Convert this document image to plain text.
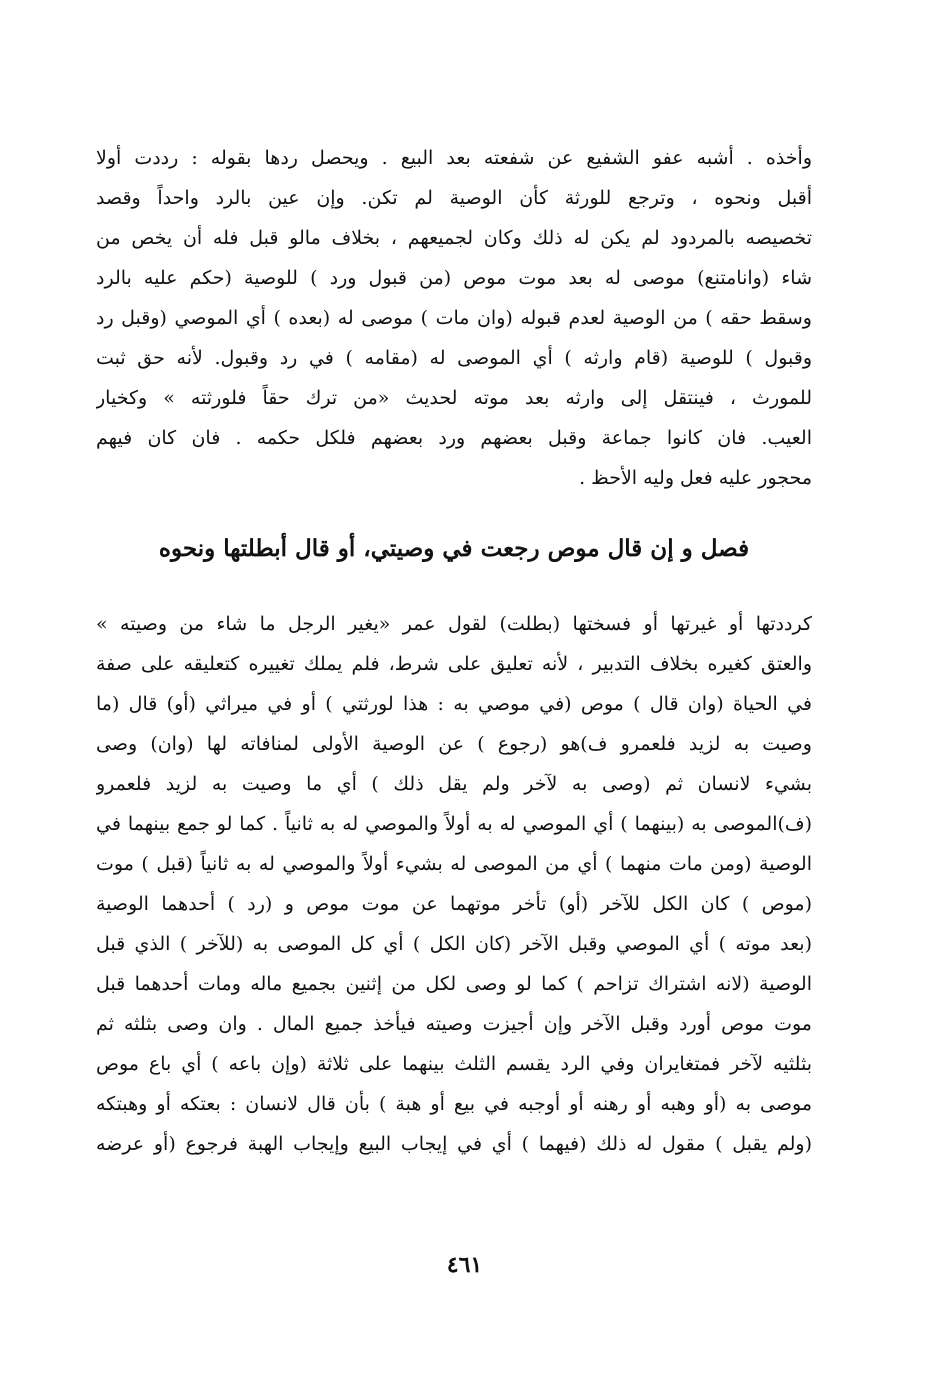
وأخذه . أشبه عفو الشفيع عن شفعته بعد البيع . ويحصل ردها بقوله : رددت أولا
أقبل ونحوه ، وترجع للورثة كأن الوصية لم تكن. وإن عين بالرد واحداً وقصد
تخصيصه بالمردود لم يكن له ذلك وكان لجميعهم ، بخلاف مالو قبل فله أن يخص من
شاء (وانامتنع) موصى له بعد موت موص (من قبول ورد ) للوصية (حكم عليه بالرد
وسقط حقه ) من الوصية لعدم قبوله (وان مات ) موصى له (بعده ) أي الموصي (وقبل رد
وقبول ) للوصية (قام وارثه ) أي الموصى له (مقامه ) في رد وقبول. لأنه حق ثبت
للمورث ، فينتقل إلى وارثه بعد موته لحديث «من ترك حقاً فلورثته » وكخيار
العيب. فان كانوا جماعة وقبل بعضهم ورد بعضهم فلكل حكمه . فان كان فيهم
محجور عليه فعل وليه الأحظ .
فصل و إن قال موص رجعت في وصيتي، أو قال أبطلتها ونحوه
كرددتها أو غيرتها أو فسختها (بطلت) لقول عمر «يغير الرجل ما شاء من وصيته »
والعتق كغيره بخلاف التدبير ، لأنه تعليق على شرط، فلم يملك تغييره كتعليقه على صفة
في الحياة (وان قال ) موص (في موصي به : هذا لورثتي ) أو في ميراثي (أو) قال (ما
وصيت به لزيد فلعمرو ف)هو (رجوع ) عن الوصية الأولى لمنافاته لها (وان) وصى
بشيء لانسان ثم (وصى به لآخر ولم يقل ذلك ) أي ما وصيت به لزيد فلعمرو
(ف)الموصى به (بينهما ) أي الموصي له به أولاً والموصي له به ثانياً . كما لو جمع بينهما في
الوصية (ومن مات منهما ) أي من الموصى له بشيء أولاً والموصي له به ثانياً (قبل ) موت
(موص ) كان الكل للآخر (أو) تأخر موتهما عن موت موص و (رد ) أحدهما الوصية
(بعد موته ) أي الموصي وقبل الآخر (كان الكل ) أي كل الموصى به (للآخر ) الذي قبل
الوصية (لانه اشتراك تزاحم ) كما لو وصى لكل من إثنين بجميع ماله ومات أحدهما قبل
موت موص أورد وقبل الآخر وإن أجيزت وصيته فيأخذ جميع المال . وان وصى بثلثه ثم
بثلثيه لآخر فمتغايران وفي الرد يقسم الثلث بينهما على ثلاثة (وإن باعه ) أي باع موص
موصى به (أو وهبه أو رهنه أو أوجبه في بيع أو هبة ) بأن قال لانسان : بعتكه أو وهبتكه
(ولم يقبل ) مقول له ذلك (فيهما ) أي في إيجاب البيع وإيجاب الهبة فرجوع (أو عرضه
٤٦١
